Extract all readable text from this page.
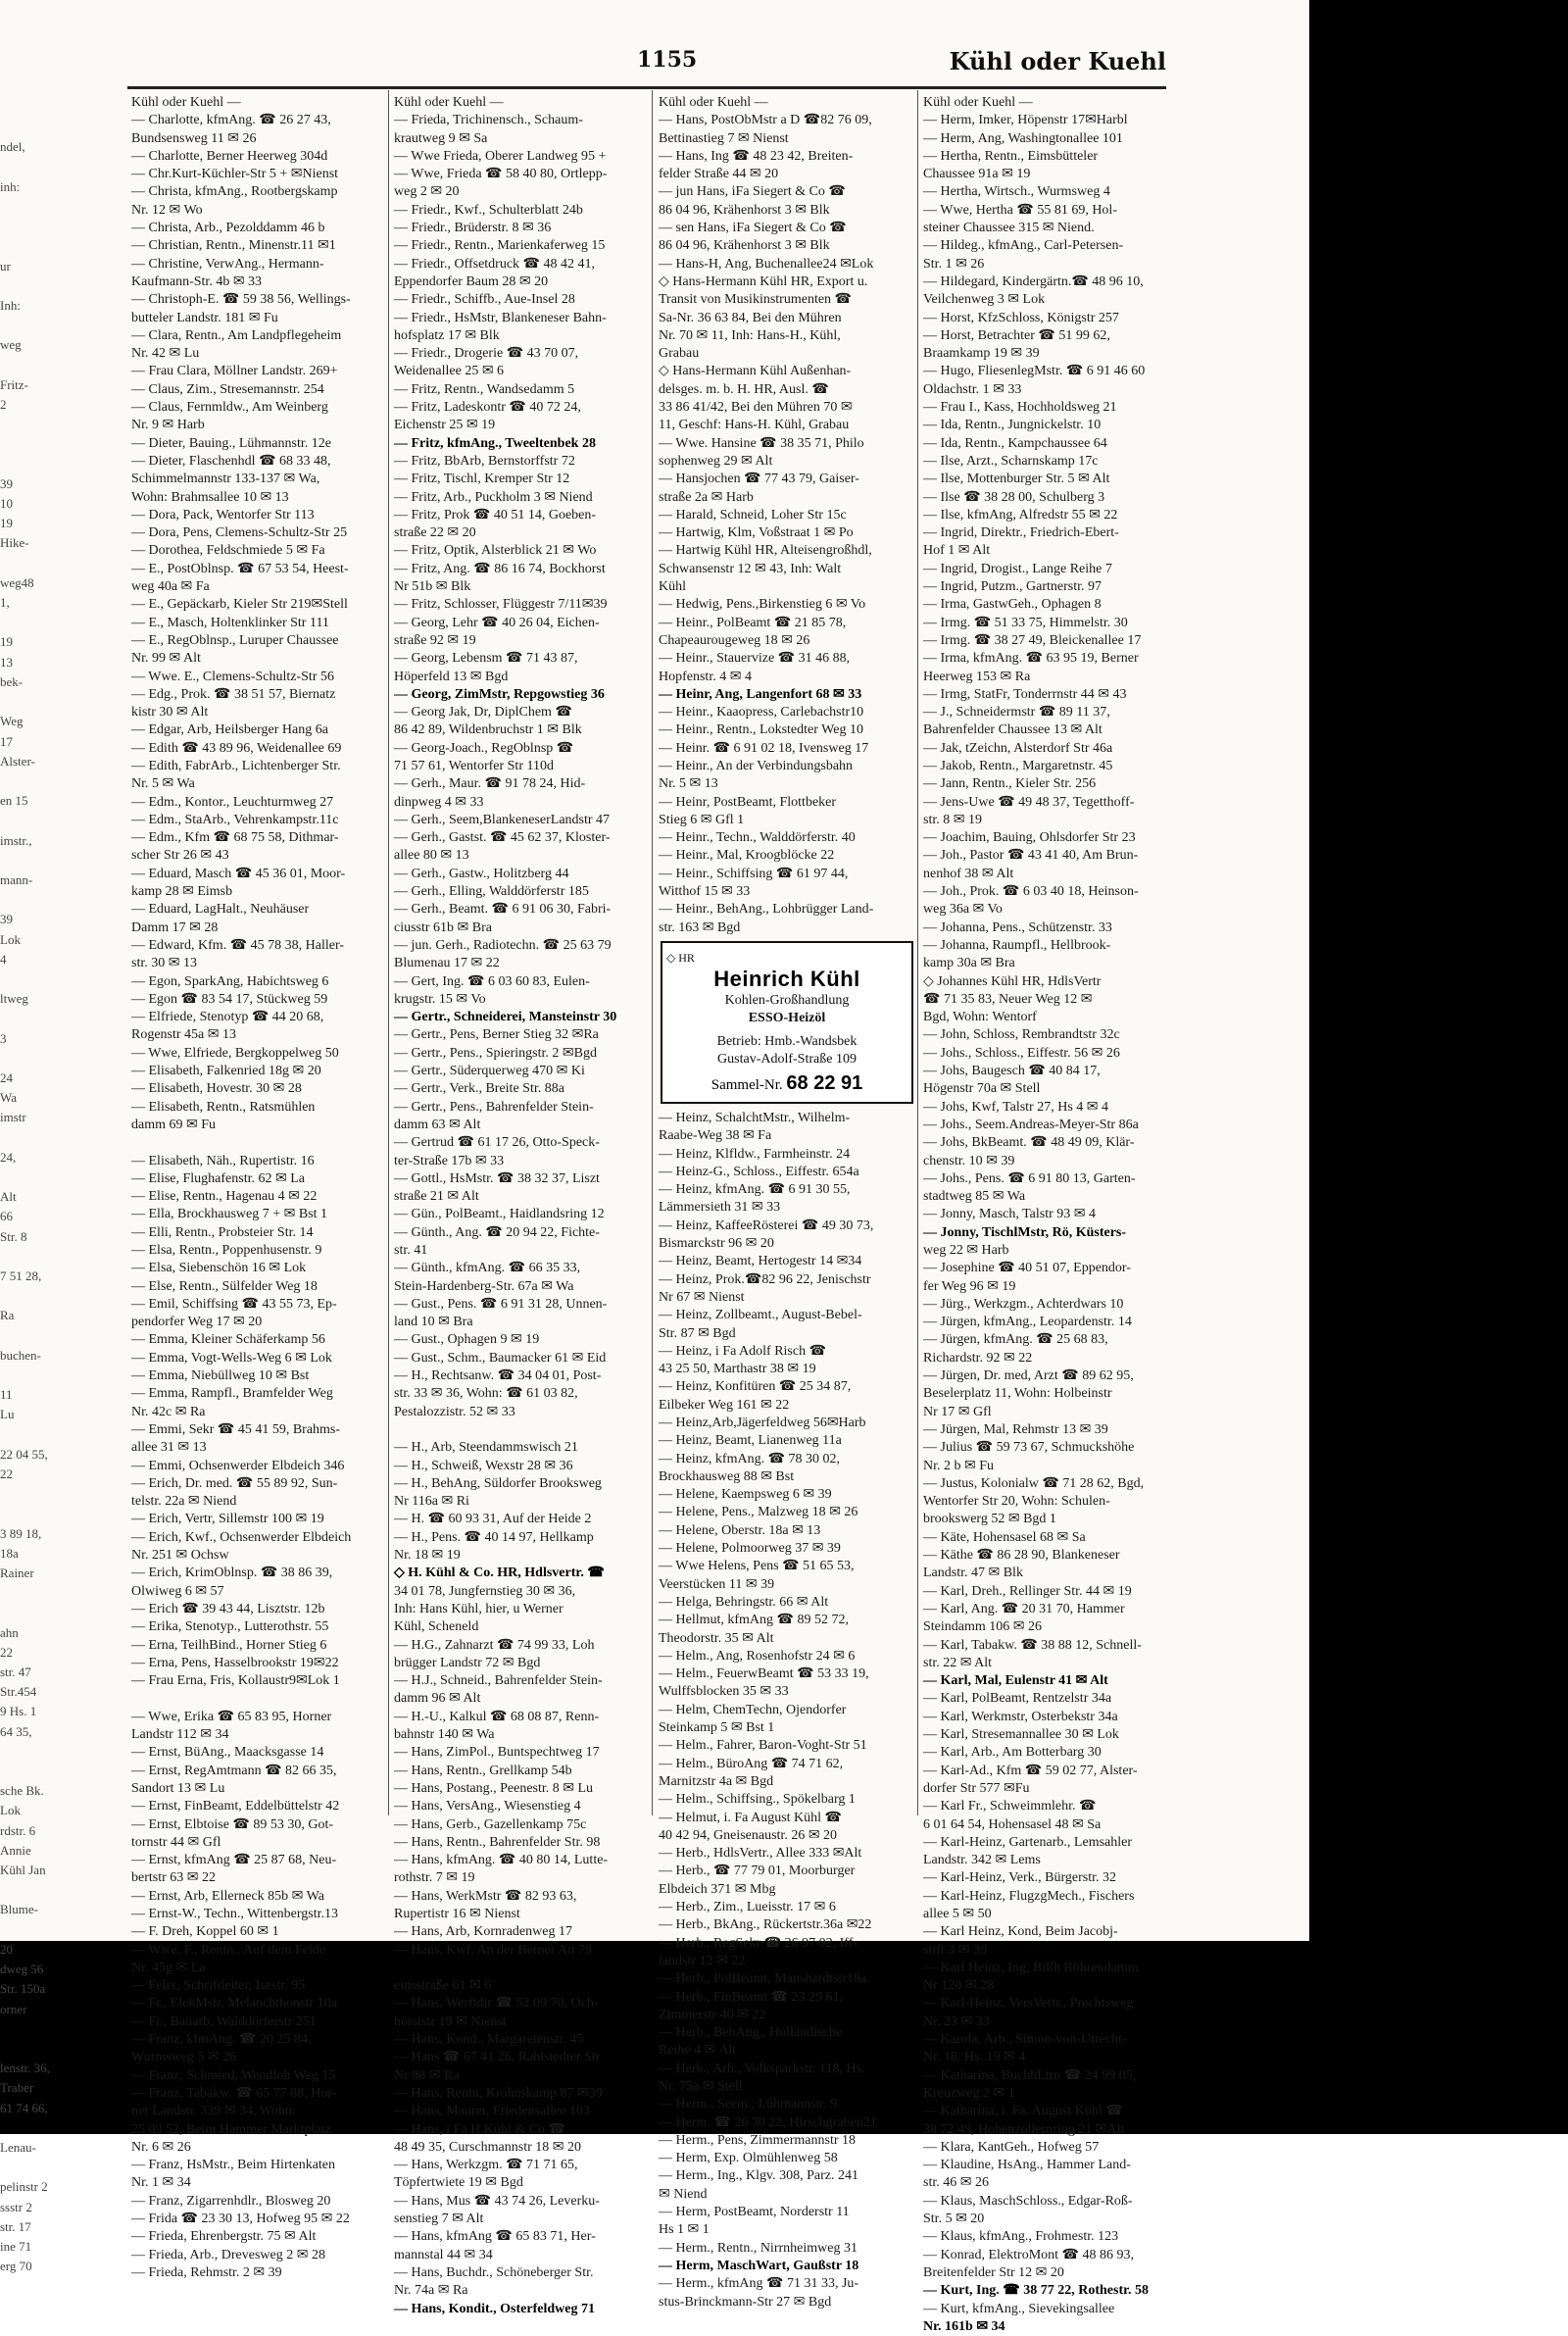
ndel,

inh:

ur

Inh:

weg

Fritz-
2

39
10
19
Hike-

weg48
1,

19
13
bek-

Weg
17
Alster-

en 15

imstr.,

mann-

39
Lok
4

ltweg

3

24
Wa
imstr

24,

Alt
66
Str. 8

7 51 28,

Ra

buchen-

11
Lu

22 04 55,
22

3 89 18,
18a
Rainer

ahn
22
str. 47
Str.454
9 Hs. 1
64 35,

sche Bk.
Lok
rdstr. 6
Annie
Kühl Jan

Blume-

20
dweg 56
Str. 150a
orner

lenstr. 36,
Traber
61 74 66,

Lenau-

pelinstr 2
ssstr 2
str. 17
ine 71
erg 70
1155	Kühl oder Kuehl
Kühl oder Kuehl —
— Charlotte, kfmAng. ☎ 26 27 43,
Bundsensweg 11 ✉ 26
— Charlotte, Berner Heerweg 304d
— Chr.Kurt-Küchler-Str 5 + ✉Nienst
— Christa, kfmAng., Rootbergskamp
Nr. 12 ✉ Wo
— Christa, Arb., Pezolddamm 46 b
— Christian, Rentn., Minenstr.11 ✉1
— Christine, VerwAng., Hermann-
Kaufmann-Str. 4b ✉ 33
— Christoph-E. ☎ 59 38 56, Wellings-
butteler Landstr. 181 ✉ Fu
— Clara, Rentn., Am Landpflegeheim
Nr. 42 ✉ Lu
— Frau Clara, Möllner Landstr. 269+
— Claus, Zim., Stresemannstr. 254
— Claus, Fernmldw., Am Weinberg
Nr. 9 ✉ Harb
— Dieter, Bauing., Lühmannstr. 12e
— Dieter, Flaschenhdl ☎ 68 33 48,
Schimmelmannstr 133-137 ✉ Wa,
Wohn: Brahmsallee 10 ✉ 13
— Dora, Pack, Wentorfer Str 113
— Dora, Pens, Clemens-Schultz-Str 25
— Dorothea, Feldschmiede 5 ✉ Fa
— E., PostOblnsp. ☎ 67 53 54, Heest-
weg 40a ✉ Fa
— E., Gepäckarb, Kieler Str 219✉Stell
— E., Masch, Holtenklinker Str 111
— E., RegOblnsp., Luruper Chaussee
Nr. 99 ✉ Alt
— Wwe. E., Clemens-Schultz-Str 56
— Edg., Prok. ☎ 38 51 57, Biernatz
kistr 30 ✉ Alt
— Edgar, Arb, Heilsberger Hang 6a
— Edith ☎ 43 89 96, Weidenallee 69
— Edith, FabrArb., Lichtenberger Str.
Nr. 5 ✉ Wa
— Edm., Kontor., Leuchturmweg 27
— Edm., StaArb., Vehrenkampstr.11c
— Edm., Kfm ☎ 68 75 58, Dithmar-
scher Str 26 ✉ 43
— Eduard, Masch ☎ 45 36 01, Moor-
kamp 28 ✉ Eimsb
— Eduard, LagHalt., Neuhäuser
Damm 17 ✉ 28
— Edward, Kfm. ☎ 45 78 38, Haller-
str. 30 ✉ 13
— Egon, SparkAng, Habichtsweg 6
— Egon ☎ 83 54 17, Stückweg 59
— Elfriede, Stenotyp ☎ 44 20 68,
Rogenstr 45a ✉ 13
— Wwe, Elfriede, Bergkoppelweg 50
— Elisabeth, Falkenried 18g ✉ 20
— Elisabeth, Hovestr. 30 ✉ 28
— Elisabeth, Rentn., Ratsmühlen
damm 69 ✉ Fu

— Elisabeth, Näh., Rupertistr. 16
— Elise, Flughafenstr. 62 ✉ La
— Elise, Rentn., Hagenau 4 ✉ 22
— Ella, Brockhausweg 7 + ✉ Bst 1
— Elli, Rentn., Probsteier Str. 14
— Elsa, Rentn., Poppenhusenstr. 9
— Elsa, Siebenschön 16 ✉ Lok
— Else, Rentn., Sülfelder Weg 18
— Emil, Schiffsing ☎ 43 55 73, Ep-
pendorfer Weg 17 ✉ 20
— Emma, Kleiner Schäferkamp 56
— Emma, Vogt-Wells-Weg 6 ✉ Lok
— Emma, Niebüllweg 10 ✉ Bst
— Emma, Rampfl., Bramfelder Weg
Nr. 42c ✉ Ra
— Emmi, Sekr ☎ 45 41 59, Brahms-
allee 31 ✉ 13
— Emmi, Ochsenwerder Elbdeich 346
— Erich, Dr. med. ☎ 55 89 92, Sun-
telstr. 22a ✉ Niend
— Erich, Vertr, Sillemstr 100 ✉ 19
— Erich, Kwf., Ochsenwerder Elbdeich
Nr. 251 ✉ Ochsw
— Erich, KrimOblnsp. ☎ 38 86 39,
Olwiweg 6 ✉ 57
— Erich ☎ 39 43 44, Lisztstr. 12b
— Erika, Stenotyp., Lutterothstr. 55
— Erna, TeilhBind., Horner Stieg 6
— Erna, Pens, Hasselbrookstr 19✉22
— Frau Erna, Fris, Kollaustr9✉Lok 1

— Wwe, Erika ☎ 65 83 95, Horner
Landstr 112 ✉ 34
— Ernst, BüAng., Maacksgasse 14
— Ernst, RegAmtmann ☎ 82 66 35,
Sandort 13 ✉ Lu
— Ernst, FinBeamt, Eddelbüttelstr 42
— Ernst, Elbtoise ☎ 89 53 30, Got-
tornstr 44 ✉ Gfl
— Ernst, kfmAng ☎ 25 87 68, Neu-
bertstr 63 ✉ 22
— Ernst, Arb, Ellerneck 85b ✉ Wa
— Ernst-W., Techn., Wittenbergstr.13
— F. Dreh, Koppel 60 ✉ 1
— Wwe, F., Rentn., Auf dem Felde
Nr. 45g ✉ La
— Felix, Schriftleiter, Isestr. 95
— Fr., ElekMstr, Melanchthonstr 10a
— Fr., Bauarb, Walddörferstr 251
— Franz, kfmAng. ☎ 20 25 84,
Wurmsweg 5 ✉ 26
— Franz, Schmied, Wendloh Weg 15
— Franz, Tabakw. ☎ 65 77 88, Hor-
ner Landstr. 339 ✉ 34, Wohn:
25 09 52, Beim Hammer Marktplatz
Nr. 6 ✉ 26
— Franz, HsMstr., Beim Hirtenkaten
Nr. 1 ✉ 34
— Franz, Zigarrenhdlr., Blosweg 20
— Frida ☎ 23 30 13, Hofweg 95 ✉ 22
— Frieda, Ehrenbergstr. 75 ✉ Alt
— Frieda, Arb., Drevesweg 2 ✉ 28
— Frieda, Rehmstr. 2 ✉ 39
Kühl oder Kuehl —
— Frieda, Trichinensch., Schaum-
krautweg 9 ✉ Sa
— Wwe Frieda, Oberer Landweg 95 +
— Wwe, Frieda ☎ 58 40 80, Ortlepp-
weg 2 ✉ 20
— Friedr., Kwf., Schulterblatt 24b
— Friedr., Brüderstr. 8 ✉ 36
— Friedr., Rentn., Marienkaferweg 15
— Friedr., Offsetdruck ☎ 48 42 41,
Eppendorfer Baum 28 ✉ 20
— Friedr., Schiffb., Aue-Insel 28
— Friedr., HsMstr, Blankeneser Bahn-
hofsplatz 17 ✉ Blk
— Friedr., Drogerie ☎ 43 70 07,
Weidenallee 25 ✉ 6
— Fritz, Rentn., Wandsedamm 5
— Fritz, Ladeskontr ☎ 40 72 24,
Eichenstr 25 ✉ 19
— Fritz, kfmAng., Tweeltenbek 28
— Fritz, BbArb, Bernstorffstr 72
— Fritz, Tischl, Kremper Str 12
— Fritz, Arb., Puckholm 3 ✉ Niend
— Fritz, Prok ☎ 40 51 14, Goeben-
straße 22 ✉ 20
— Fritz, Optik, Alsterblick 21 ✉ Wo
— Fritz, Ang. ☎ 86 16 74, Bockhorst
Nr 51b ✉ Blk
— Fritz, Schlosser, Flüggestr 7/11✉39
— Georg, Lehr ☎ 40 26 04, Eichen-
straße 92 ✉ 19
— Georg, Lebensm ☎ 71 43 87,
Höperfeld 13 ✉ Bgd
— Georg, ZimMstr, Repgowstieg 36
— Georg Jak, Dr, DiplChem ☎
86 42 89, Wildenbruchstr 1 ✉ Blk
— Georg-Joach., RegOblnsp ☎
71 57 61, Wentorfer Str 110d
— Gerh., Maur. ☎ 91 78 24, Hid-
dinpweg 4 ✉ 33
— Gerh., Seem,BlankeneserLandstr 47
— Gerh., Gastst. ☎ 45 62 37, Kloster-
allee 80 ✉ 13
— Gerh., Gastw., Holitzberg 44
— Gerh., Elling, Walddörferstr 185
— Gerh., Beamt. ☎ 6 91 06 30, Fabri-
ciusstr 61b ✉ Bra
— jun. Gerh., Radiotechn. ☎ 25 63 79
Blumenau 17 ✉ 22
— Gert, Ing. ☎ 6 03 60 83, Eulen-
krugstr. 15 ✉ Vo
— Gertr., Schneiderei, Mansteinstr 30
— Gertr., Pens, Berner Stieg 32 ✉Ra
— Gertr., Pens., Spieringstr. 2 ✉Bgd
— Gertr., Süderquerweg 470 ✉ Ki
— Gertr., Verk., Breite Str. 88a
— Gertr., Pens., Bahrenfelder Stein-
damm 63 ✉ Alt
— Gertrud ☎ 61 17 26, Otto-Speck-
ter-Straße 17b ✉ 33
— Gottl., HsMstr. ☎ 38 32 37, Liszt
straße 21 ✉ Alt
— Gün., PolBeamt., Haidlandsring 12
— Günth., Ang. ☎ 20 94 22, Fichte-
str. 41
— Günth., kfmAng. ☎ 66 35 33,
Stein-Hardenberg-Str. 67a ✉ Wa
— Gust., Pens. ☎ 6 91 31 28, Unnen-
land 10 ✉ Bra
— Gust., Ophagen 9 ✉ 19
— Gust., Schm., Baumacker 61 ✉ Eid
— H., Rechtsanw. ☎ 34 04 01, Post-
str. 33 ✉ 36, Wohn: ☎ 61 03 82,
Pestalozzistr. 52 ✉ 33

— H., Arb, Steendammswisch 21
— H., Schweiß, Wexstr 28 ✉ 36
— H., BehAng, Süldorfer Brooksweg
Nr 116a ✉ Ri
— H. ☎ 60 93 31, Auf der Heide 2
— H., Pens. ☎ 40 14 97, Hellkamp
Nr. 18 ✉ 19
◇ H. Kühl & Co. HR, Hdlsvertr. ☎
34 01 78, Jungfernstieg 30 ✉ 36,
Inh: Hans Kühl, hier, u Werner
Kühl, Scheneld
— H.G., Zahnarzt ☎ 74 99 33, Loh
brügger Landstr 72 ✉ Bgd
— H.J., Schneid., Bahrenfelder Stein-
damm 96 ✉ Alt
— H.-U., Kalkul ☎ 68 08 87, Renn-
bahnstr 140 ✉ Wa
— Hans, ZimPol., Buntspechtweg 17
— Hans, Rentn., Grellkamp 54b
— Hans, Postang., Peenestr. 8 ✉ Lu
— Hans, VersAng., Wiesenstieg 4
— Hans, Gerb., Gazellenkamp 75c
— Hans, Rentn., Bahrenfelder Str. 98
— Hans, kfmAng. ☎ 40 80 14, Lutte-
rothstr. 7 ✉ 19
— Hans, WerkMstr ☎ 82 93 63,
Rupertistr 16 ✉ Nienst
— Hans, Arb, Kornradenweg 17
— Hans, Kwf, An der Berner Au 79
— Hans, Grünw ☎ 43 47 77, Ver-
einsstraße 61 ✉ 6
— Hans, Werftdir ☎ 52 09 70, Och-
horststr 19 ✉ Nienst
— Hans, Kond., Margaretenstr. 45
— Hans ☎ 67 41 26, Rahlstedter Str
Nr 88 ✉ Ra
— Hans, Rentn, Krohnskamp 87 ✉39
— Hans, Maurer, Friedensallee 103
— Hans, i Fa H Kühl & Co ☎
48 49 35, Curschmannstr 18 ✉ 20
— Hans, Werkzgm. ☎ 71 71 65,
Töpfertwiete 19 ✉ Bgd
— Hans, Mus ☎ 43 74 26, Leverku-
senstieg 7 ✉ Alt
— Hans, kfmAng ☎ 65 83 71, Her-
mannstal 44 ✉ 34
— Hans, Buchdr., Schöneberger Str.
Nr. 74a ✉ Ra
— Hans, Kondit., Osterfeldweg 71
Kühl oder Kuehl —
— Hans, PostObMstr a D ☎82 76 09,
Bettinastieg 7 ✉ Nienst
— Hans, Ing ☎ 48 23 42, Breiten-
felder Straße 44 ✉ 20
— jun Hans, iFa Siegert & Co ☎
86 04 96, Krähenhorst 3 ✉ Blk
— sen Hans, iFa Siegert & Co ☎
86 04 96, Krähenhorst 3 ✉ Blk
— Hans-H, Ang, Buchenallee24 ✉Lok
◇ Hans-Hermann Kühl HR, Export u.
Transit von Musikinstrumenten ☎
Sa-Nr. 36 63 84, Bei den Mühren
Nr. 70 ✉ 11, Inh: Hans-H., Kühl,
Grabau
◇ Hans-Hermann Kühl Außenhan-
delsges. m. b. H. HR, Ausl. ☎
33 86 41/42, Bei den Mühren 70 ✉
11, Geschf: Hans-H. Kühl, Grabau
— Wwe. Hansine ☎ 38 35 71, Philo
sophenweg 29 ✉ Alt
— Hansjochen ☎ 77 43 79, Gaiser-
straße 2a ✉ Harb
— Harald, Schneid, Loher Str 15c
— Hartwig, Klm, Voßstraat 1 ✉ Po
— Hartwig Kühl HR, Alteisengroßhdl,
Schwansenstr 12 ✉ 43, Inh: Walt
Kühl
— Hedwig, Pens.,Birkenstieg 6 ✉ Vo
— Heinr., PolBeamt ☎ 21 85 78,
Chapeaurougeweg 18 ✉ 26
— Heinr., Stauervize ☎ 31 46 88,
Hopfenstr. 4 ✉ 4
— Heinr, Ang, Langenfort 68 ✉ 33
— Heinr., Kaaopress, Carlebachstr10
— Heinr., Rentn., Lokstedter Weg 10
— Heinr. ☎ 6 91 02 18, Ivensweg 17
— Heinr., An der Verbindungsbahn
Nr. 5 ✉ 13
— Heinr, PostBeamt, Flottbeker
Stieg 6 ✉ Gfl 1
— Heinr., Techn., Walddörferstr. 40
— Heinr., Mal, Kroogblöcke 22
— Heinr., Schiffsing ☎ 61 97 44,
Witthof 15 ✉ 33
— Heinr., BehAng., Lohbrügger Land-
str. 163 ✉ Bgd
◇ HR
Heinrich Kühl
Kohlen-Großhandlung
ESSO-Heizöl
Betrieb: Hmb.-Wandsbek
Gustav-Adolf-Straße 109
Sammel-Nr. 68 22 91
— Heinz, SchalchtMstr., Wilhelm-
Raabe-Weg 38 ✉ Fa
— Heinz, Klfldw., Farmheinstr. 24
— Heinz-G., Schloss., Eiffestr. 654a
— Heinz, kfmAng. ☎ 6 91 30 55,
Lämmersieth 31 ✉ 33
— Heinz, KaffeeRösterei ☎ 49 30 73,
Bismarckstr 96 ✉ 20
— Heinz, Beamt, Hertogestr 14 ✉34
— Heinz, Prok.☎82 96 22, Jenischstr
Nr 67 ✉ Nienst
— Heinz, Zollbeamt., August-Bebel-
Str. 87 ✉ Bgd
— Heinz, i Fa Adolf Risch ☎
43 25 50, Marthastr 38 ✉ 19
— Heinz, Konfitüren ☎ 25 34 87,
Eilbeker Weg 161 ✉ 22
— Heinz,Arb,Jägerfeldweg 56✉Harb
— Heinz, Beamt, Lianenweg 11a
— Heinz, kfmAng. ☎ 78 30 02,
Brockhausweg 88 ✉ Bst
— Helene, Kaempsweg 6 ✉ 39
— Helene, Pens., Malzweg 18 ✉ 26
— Helene, Oberstr. 18a ✉ 13
— Helene, Polmoorweg 37 ✉ 39
— Wwe Helens, Pens ☎ 51 65 53,
Veerstücken 11 ✉ 39
— Helga, Behringstr. 66 ✉ Alt
— Hellmut, kfmAng ☎ 89 52 72,
Theodorstr. 35 ✉ Alt
— Helm., Ang, Rosenhofstr 24 ✉ 6
— Helm., FeuerwBeamt ☎ 53 33 19,
Wulffsblocken 35 ✉ 33
— Helm, ChemTechn, Ojendorfer
Steinkamp 5 ✉ Bst 1
— Helm., Fahrer, Baron-Voght-Str 51
— Helm., BüroAng ☎ 74 71 62,
Marnitzstr 4a ✉ Bgd
— Helm., Schiffsing., Spökelbarg 1
— Helmut, i. Fa August Kühl ☎
40 42 94, Gneisenaustr. 26 ✉ 20
— Herb., HdlsVertr., Allee 333 ✉Alt
— Herb., ☎ 77 79 01, Moorburger
Elbdeich 371 ✉ Mbg
— Herb., Zim., Lueisstr. 17 ✉ 6
— Herb., BkAng., Rückertstr.36a ✉22
— Herb., RegSekr ☎ 26 97 02, Iff-
landstr 12 ✉ 22
— Herb., PolBeamt, Manshardtstr18a
— Herb., FinBeamt ☎ 23 29 61,
Zimmerstr 40 ✉ 22
— Herb., BehAng., Holländische
Reihe 4 ✉ Alt
— Herb., Arb., Volksparkstr. 118, Hs.
Nr. 75a ✉ Stell
— Herm., Seem., Lühmannstr. 9
— Herm. ☎ 26 30 22, Hirschgraben21
— Herm., Pens, Zimmermannstr 18
— Herm, Exp. Olmühlenweg 58
— Herm., Ing., Klgv. 308, Parz. 241
✉ Niend
— Herm, PostBeamt, Norderstr 11
Hs 1 ✉ 1
— Herm., Rentn., Nirrnheimweg 31
— Herm, MaschWart, Gaußstr 18
— Herm., kfmAng ☎ 71 31 33, Ju-
stus-Brinckmann-Str 27 ✉ Bgd
Kühl oder Kuehl —
— Herm, Imker, Höpenstr 17✉Harbl
— Herm, Ang, Washingtonallee 101
— Hertha, Rentn., Eimsbütteler
Chaussee 91a ✉ 19
— Hertha, Wirtsch., Wurmsweg 4
— Wwe, Hertha ☎ 55 81 69, Hol-
steiner Chaussee 315 ✉ Niend.
— Hildeg., kfmAng., Carl-Petersen-
Str. 1 ✉ 26
— Hildegard, Kindergärtn.☎ 48 96 10,
Veilchenweg 3 ✉ Lok
— Horst, KfzSchloss, Königstr 257
— Horst, Betrachter ☎ 51 99 62,
Braamkamp 19 ✉ 39
— Hugo, FliesenlegMstr. ☎ 6 91 46 60
Oldachstr. 1 ✉ 33
— Frau I., Kass, Hochholdsweg 21
— Ida, Rentn., Jungnickelstr. 10
— Ida, Rentn., Kampchaussee 64
— Ilse, Arzt., Scharnskamp 17c
— Ilse, Mottenburger Str. 5 ✉ Alt
— Ilse ☎ 38 28 00, Schulberg 3
— Ilse, kfmAng, Alfredstr 55 ✉ 22
— Ingrid, Direktr., Friedrich-Ebert-
Hof 1 ✉ Alt
— Ingrid, Drogist., Lange Reihe 7
— Ingrid, Putzm., Gartnerstr. 97
— Irma, GastwGeh., Ophagen 8
— Irmg. ☎ 51 33 75, Himmelstr. 30
— Irmg. ☎ 38 27 49, Bleickenallee 17
— Irma, kfmAng. ☎ 63 95 19, Berner
Heerweg 153 ✉ Ra
— Irmg, StatFr, Tonderrnstr 44 ✉ 43
— J., Schneidermstr ☎ 89 11 37,
Bahrenfelder Chaussee 13 ✉ Alt
— Jak, tZeichn, Alsterdorf Str 46a
— Jakob, Rentn., Margaretnstr. 45
— Jann, Rentn., Kieler Str. 256
— Jens-Uwe ☎ 49 48 37, Tegetthoff-
str. 8 ✉ 19
— Joachim, Bauing, Ohlsdorfer Str 23
— Joh., Pastor ☎ 43 41 40, Am Brun-
nenhof 38 ✉ Alt
— Joh., Prok. ☎ 6 03 40 18, Heinson-
weg 36a ✉ Vo
— Johanna, Pens., Schützenstr. 33
— Johanna, Raumpfl., Hellbrook-
kamp 30a ✉ Bra
◇ Johannes Kühl HR, HdlsVertr
☎ 71 35 83, Neuer Weg 12 ✉
Bgd, Wohn: Wentorf
— John, Schloss, Rembrandtstr 32c
— Johs., Schloss., Eiffestr. 56 ✉ 26
— Johs, Baugesch ☎ 40 84 17,
Högenstr 70a ✉ Stell
— Johs, Kwf, Talstr 27, Hs 4 ✉ 4
— Johs., Seem.Andreas-Meyer-Str 86a
— Johs, BkBeamt. ☎ 48 49 09, Klär-
chenstr. 10 ✉ 39
— Johs., Pens. ☎ 6 91 80 13, Garten-
stadtweg 85 ✉ Wa
— Jonny, Masch, Talstr 93 ✉ 4
— Jonny, TischlMstr, Rö, Küsters-
weg 22 ✉ Harb
— Josephine ☎ 40 51 07, Eppendor-
fer Weg 96 ✉ 19
— Jürg., Werkzgm., Achterdwars 10
— Jürgen, kfmAng., Leopardenstr. 14
— Jürgen, kfmAng. ☎ 25 68 83,
Richardstr. 92 ✉ 22
— Jürgen, Dr. med, Arzt ☎ 89 62 95,
Beselerplatz 11, Wohn: Holbeinstr
Nr 17 ✉ Gfl
— Jürgen, Mal, Rehmstr 13 ✉ 39
— Julius ☎ 59 73 67, Schmuckshöhe
Nr. 2 b ✉ Fu
— Justus, Kolonialw ☎ 71 28 62, Bgd,
Wentorfer Str 20, Wohn: Schulen-
brookswerg 52 ✉ Bgd 1
— Käte, Hohensasel 68 ✉ Sa
— Käthe ☎ 86 28 90, Blankeneser
Landstr. 47 ✉ Blk
— Karl, Dreh., Rellinger Str. 44 ✉ 19
— Karl, Ang. ☎ 20 31 70, Hammer
Steindamm 106 ✉ 26
— Karl, Tabakw. ☎ 38 88 12, Schnell-
str. 22 ✉ Alt
— Karl, Mal, Eulenstr 41 ✉ Alt
— Karl, PolBeamt, Rentzelstr 34a
— Karl, Werkmstr, Osterbekstr 34a
— Karl, Stresemannallee 30 ✉ Lok
— Karl, Arb., Am Botterbarg 30
— Karl-Ad., Kfm ☎ 59 02 77, Alster-
dorfer Str 577 ✉Fu
— Karl Fr., Schweimmlehr. ☎
6 01 64 54, Hohensasel 48 ✉ Sa
— Karl-Heinz, Gartenarb., Lemsahler
Landstr. 342 ✉ Lems
— Karl-Heinz, Verk., Bürgerstr. 32
— Karl-Heinz, FlugzgMech., Fischers
allee 5 ✉ 50
— Karl Heinz, Kond, Beim Jacobj-
stift 3 ✉ 39
— Karl Heinz, Ing, Billh Röhrendamm
Nr 120 ✉ 28
— Karl-Heinz, VersVertr., Prechtsweg
Nr. 23 ✉ 33
— Karola, Arb., Simon-von-Utrecht-
Nr. 18, Hs. 19 ✉ 4
— Katharina, BuchhLtrn ☎ 24 99 05,
Kreuzweg 2 ✉ 1
— Katharina, i. Fa. August Kühl ☎
38 72 49, Hohenzollernring 21 ✉Alt
— Klara, KantGeh., Hofweg 57
— Klaudine, HsAng., Hammer Land-
str. 46 ✉ 26
— Klaus, MaschSchloss., Edgar-Roß-
Str. 5 ✉ 20
— Klaus, kfmAng., Frohmestr. 123
— Konrad, ElektroMont ☎ 48 86 93,
Breitenfelder Str 12 ✉ 20
— Kurt, Ing. ☎ 38 77 22, Rothestr. 58
— Kurt, kfmAng., Sievekingsallee
Nr. 161b ✉ 34
